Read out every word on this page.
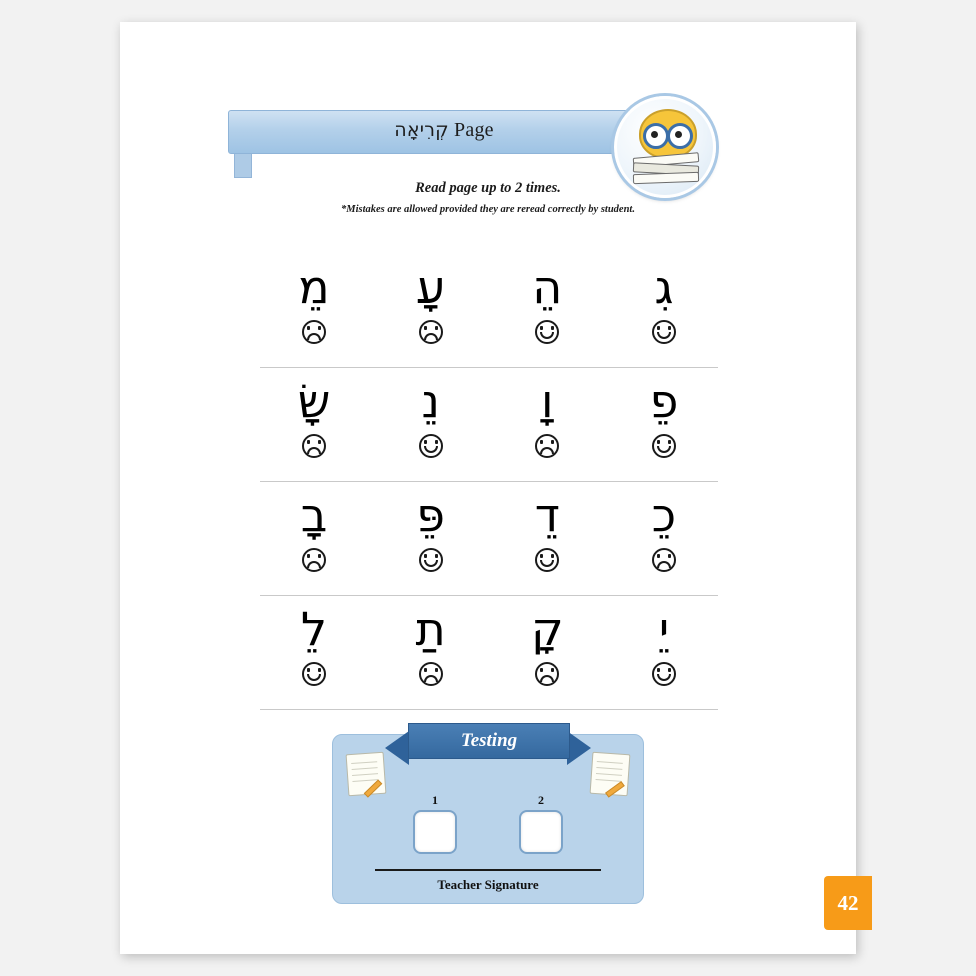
קְרִיאָה Page
Read page up to 2 times.
*Mistakes are allowed provided they are reread correctly by student.
גִ
הֵ
עָ
מֵ
פֵ
וָ
נֵ
שָׂ
כֵ
דֵ
פֵּ
בָ
יֵ
קָ
תַ
לֵ
Testing
1	2
Teacher Signature
42
